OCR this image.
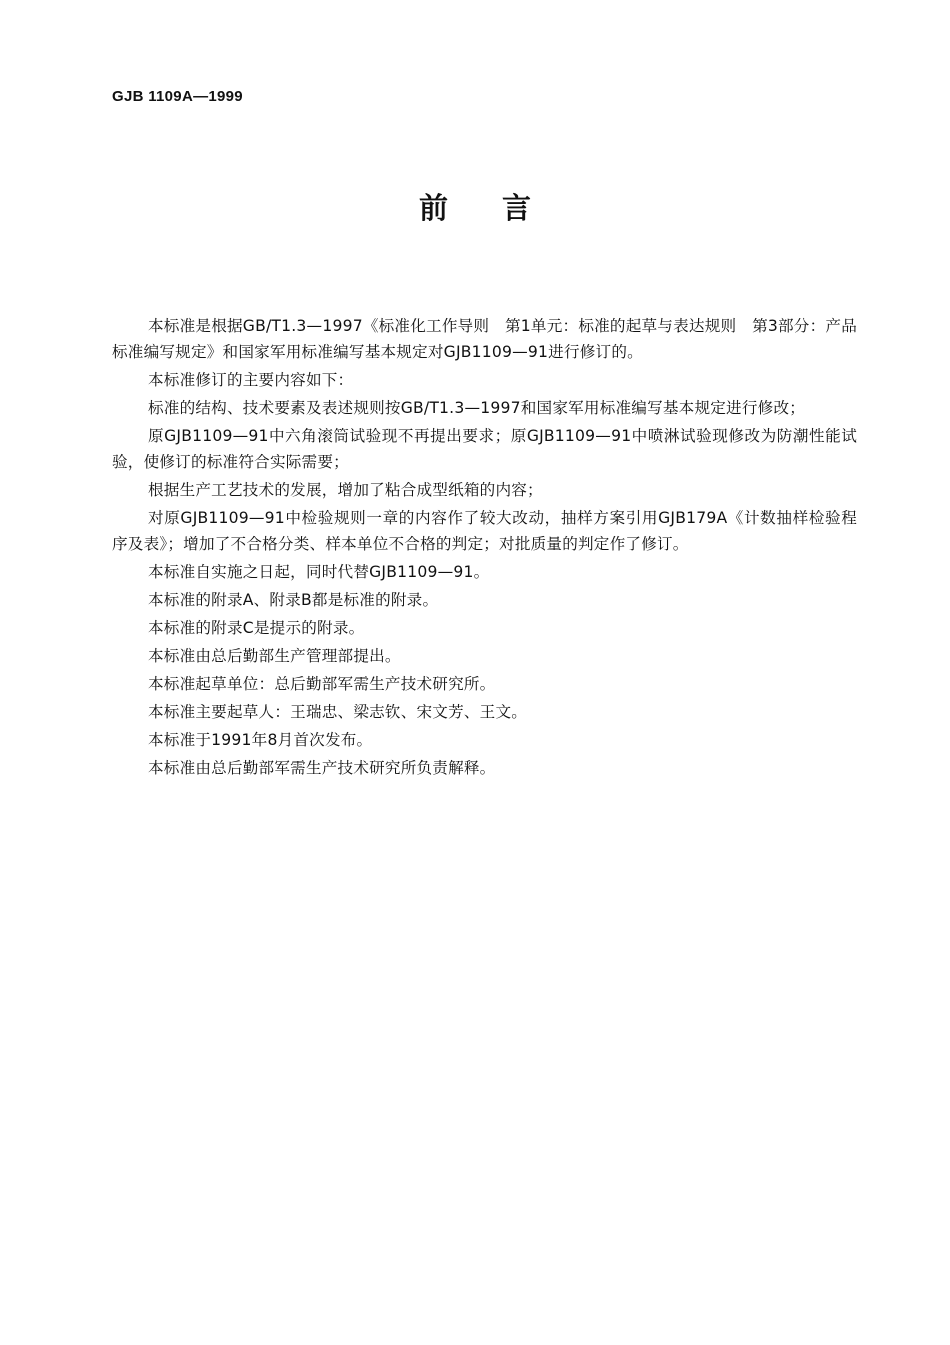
GJB 1109A—1999
前言

本标准是根据GB/T1.3—1997《标准化工作导则　第1单元：标准的起草与表达规则　第3部分：产品标准编写规定》和国家军用标准编写基本规定对GJB1109—91进行修订的。

本标准修订的主要内容如下：

标准的结构、技术要素及表述规则按GB/T1.3—1997和国家军用标准编写基本规定进行修改；

原GJB1109—91中六角滚筒试验现不再提出要求；原GJB1109—91中喷淋试验现修改为防潮性能试验，使修订的标准符合实际需要；

根据生产工艺技术的发展，增加了粘合成型纸箱的内容；

对原GJB1109—91中检验规则一章的内容作了较大改动，抽样方案引用GJB179A《计数抽样检验程序及表》；增加了不合格分类、样本单位不合格的判定；对批质量的判定作了修订。

本标准自实施之日起，同时代替GJB1109—91。

本标准的附录A、附录B都是标准的附录。

本标准的附录C是提示的附录。

本标准由总后勤部生产管理部提出。

本标准起草单位：总后勤部军需生产技术研究所。

本标准主要起草人：王瑞忠、梁志钦、宋文芳、王文。

本标准于1991年8月首次发布。

本标准由总后勤部军需生产技术研究所负责解释。
